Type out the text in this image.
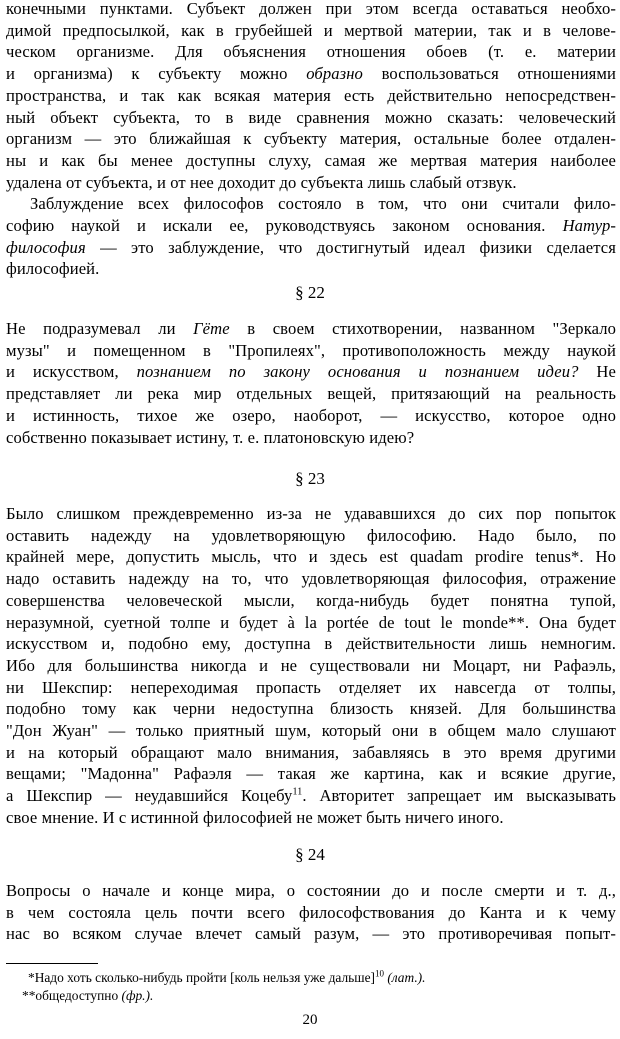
конечными пунктами. Субъект должен при этом всегда оставаться необхо-
димой предпосылкой, как в грубейшей и мертвой материи, так и в челове-
ческом организме. Для объяснения отношения обоев (т. е. материи
и организма) к субъекту можно образно воспользоваться отношениями
пространства, и так как всякая материя есть действительно непосредствен-
ный объект субъекта, то в виде сравнения можно сказать: человеческий
организм — это ближайшая к субъекту материя, остальные более отдален-
ны и как бы менее доступны слуху, самая же мертвая материя наиболее
удалена от субъекта, и от нее доходит до субъекта лишь слабый отзвук.
Заблуждение всех философов состояло в том, что они считали фило-
софию наукой и искали ее, руководствуясь законом основания. Натур-
философия — это заблуждение, что достигнутый идеал физики сделается
философией.
§ 22
Не подразумевал ли Гёте в своем стихотворении, названном "Зеркало
музы" и помещенном в "Пропилеях", противоположность между наукой
и искусством, познанием по закону основания и познанием идеи? Не
представляет ли река мир отдельных вещей, притязающий на реальность
и истинность, тихое же озеро, наоборот, — искусство, которое одно
собственно показывает истину, т. е. платоновскую идею?
§ 23
Было слишком преждевременно из-за не удававшихся до сих пор попыток
оставить надежду на удовлетворяющую философию. Надо было, по
крайней мере, допустить мысль, что и здесь est quadam prodire tenus*. Но
надо оставить надежду на то, что удовлетворяющая философия, отражение
совершенства человеческой мысли, когда-нибудь будет понятна тупой,
неразумной, суетной толпе и будет à la portée de tout le monde**. Она будет
искусством и, подобно ему, доступна в действительности лишь немногим.
Ибо для большинства никогда и не существовали ни Моцарт, ни Рафаэль,
ни Шекспир: непереходимая пропасть отделяет их навсегда от толпы,
подобно тому как черни недоступна близость князей. Для большинства
"Дон Жуан" — только приятный шум, который они в общем мало слушают
и на который обращают мало внимания, забавляясь в это время другими
вещами; "Мадонна" Рафаэля — такая же картина, как и всякие другие,
а Шекспир — неудавшийся Коцебу$^{11}$. Авторитет запрещает им высказывать
свое мнение. И с истинной философией не может быть ничего иного.
§ 24
Вопросы о начале и конце мира, о состоянии до и после смерти и т. д.,
в чем состояла цель почти всего философствования до Канта и к чему
нас во всяком случае влечет самый разум, — это противоречивая попыт-
*Надо хоть сколько-нибудь пройти [коль нельзя уже дальше]$^{10}$ (лат.).
**общедоступно (фр.).
20
